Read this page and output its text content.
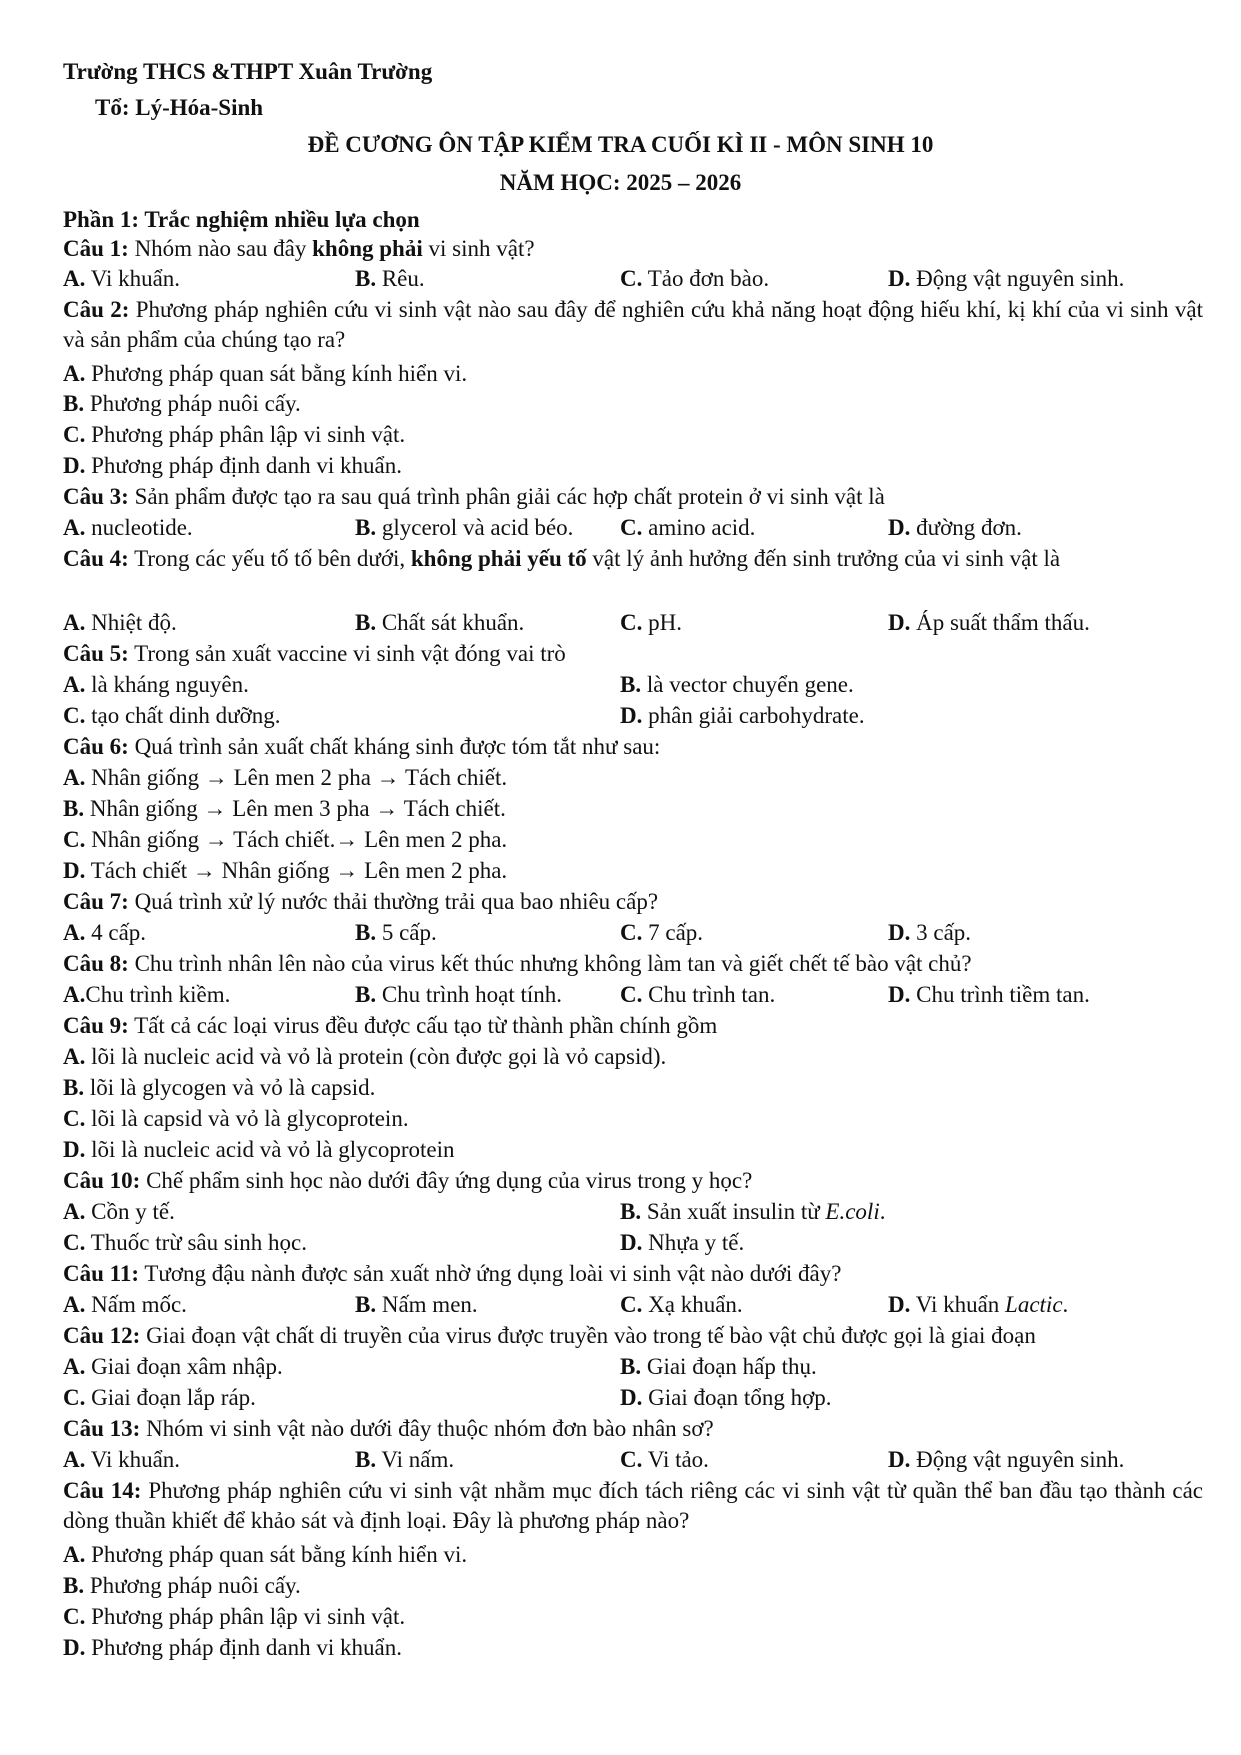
Trường THCS &THPT Xuân Trường
Tổ: Lý-Hóa-Sinh
ĐỀ CƯƠNG ÔN TẬP KIỂM TRA CUỐI KÌ II - MÔN SINH 10
NĂM HỌC: 2025 – 2026
Phần 1: Trắc nghiệm nhiều lựa chọn
Câu 1: Nhóm nào sau đây không phải vi sinh vật?
A. Vi khuẩn.	B. Rêu.	C. Tảo đơn bào.	D. Động vật nguyên sinh.
Câu 2: Phương pháp nghiên cứu vi sinh vật nào sau đây để nghiên cứu khả năng hoạt động hiếu khí, kị khí của vi sinh vật và sản phẩm của chúng tạo ra?
A. Phương pháp quan sát bằng kính hiển vi.
B. Phương pháp nuôi cấy.
C. Phương pháp phân lập vi sinh vật.
D. Phương pháp định danh vi khuẩn.
Câu 3: Sản phẩm được tạo ra sau quá trình phân giải các hợp chất protein ở vi sinh vật là
A. nucleotide.	B. glycerol và acid béo. C. amino acid.	D. đường đơn.
Câu 4: Trong các yếu tố tố bên dưới, không phải yếu tố vật lý ảnh hưởng đến sinh trưởng của vi sinh vật là
A. Nhiệt độ.	B. Chất sát khuẩn.	C. pH.	D. Áp suất thẩm thấu.
Câu 5: Trong sản xuất vaccine vi sinh vật đóng vai trò
A. là kháng nguyên.	B. là vector chuyển gene.
C. tạo chất dinh dưỡng.	D. phân giải carbohydrate.
Câu 6: Quá trình sản xuất chất kháng sinh được tóm tắt như sau:
A. Nhân giống → Lên men 2 pha → Tách chiết.
B. Nhân giống → Lên men 3 pha → Tách chiết.
C. Nhân giống → Tách chiết.→ Lên men 2 pha.
D. Tách chiết → Nhân giống → Lên men 2 pha.
Câu 7: Quá trình xử lý nước thải thường trải qua bao nhiêu cấp?
A. 4 cấp.	B. 5 cấp.	C. 7 cấp.	D. 3 cấp.
Câu 8: Chu trình nhân lên nào của virus kết thúc nhưng không làm tan và giết chết tế bào vật chủ?
A.Chu trình kiềm.	B. Chu trình hoạt tính.	C. Chu trình tan.	D. Chu trình tiềm tan.
Câu 9: Tất cả các loại virus đều được cấu tạo từ thành phần chính gồm
A. lõi là nucleic acid và vỏ là protein (còn được gọi là vỏ capsid).
B. lõi là glycogen và vỏ là capsid.
C. lõi là capsid và vỏ là glycoprotein.
D. lõi là nucleic acid và vỏ là glycoprotein
Câu 10: Chế phẩm sinh học nào dưới đây ứng dụng của virus trong y học?
A. Cồn y tế.	B. Sản xuất insulin từ E.coli.
C. Thuốc trừ sâu sinh học.	D. Nhựa y tế.
Câu 11: Tương đậu nành được sản xuất nhờ ứng dụng loài vi sinh vật nào dưới đây?
A. Nấm mốc.	B. Nấm men.	C. Xạ khuẩn.	D. Vi khuẩn Lactic.
Câu 12: Giai đoạn vật chất di truyền của virus được truyền vào trong tế bào vật chủ được gọi là giai đoạn
A. Giai đoạn xâm nhập.	B. Giai đoạn hấp thụ.
C. Giai đoạn lắp ráp.	D. Giai đoạn tổng hợp.
Câu 13: Nhóm vi sinh vật nào dưới đây thuộc nhóm đơn bào nhân sơ?
A. Vi khuẩn.	B. Vi nấm.	C. Vi tảo.	D. Động vật nguyên sinh.
Câu 14: Phương pháp nghiên cứu vi sinh vật nhằm mục đích tách riêng các vi sinh vật từ quần thể ban đầu tạo thành các dòng thuần khiết để khảo sát và định loại. Đây là phương pháp nào?
A. Phương pháp quan sát bằng kính hiển vi.
B. Phương pháp nuôi cấy.
C. Phương pháp phân lập vi sinh vật.
D. Phương pháp định danh vi khuẩn.
